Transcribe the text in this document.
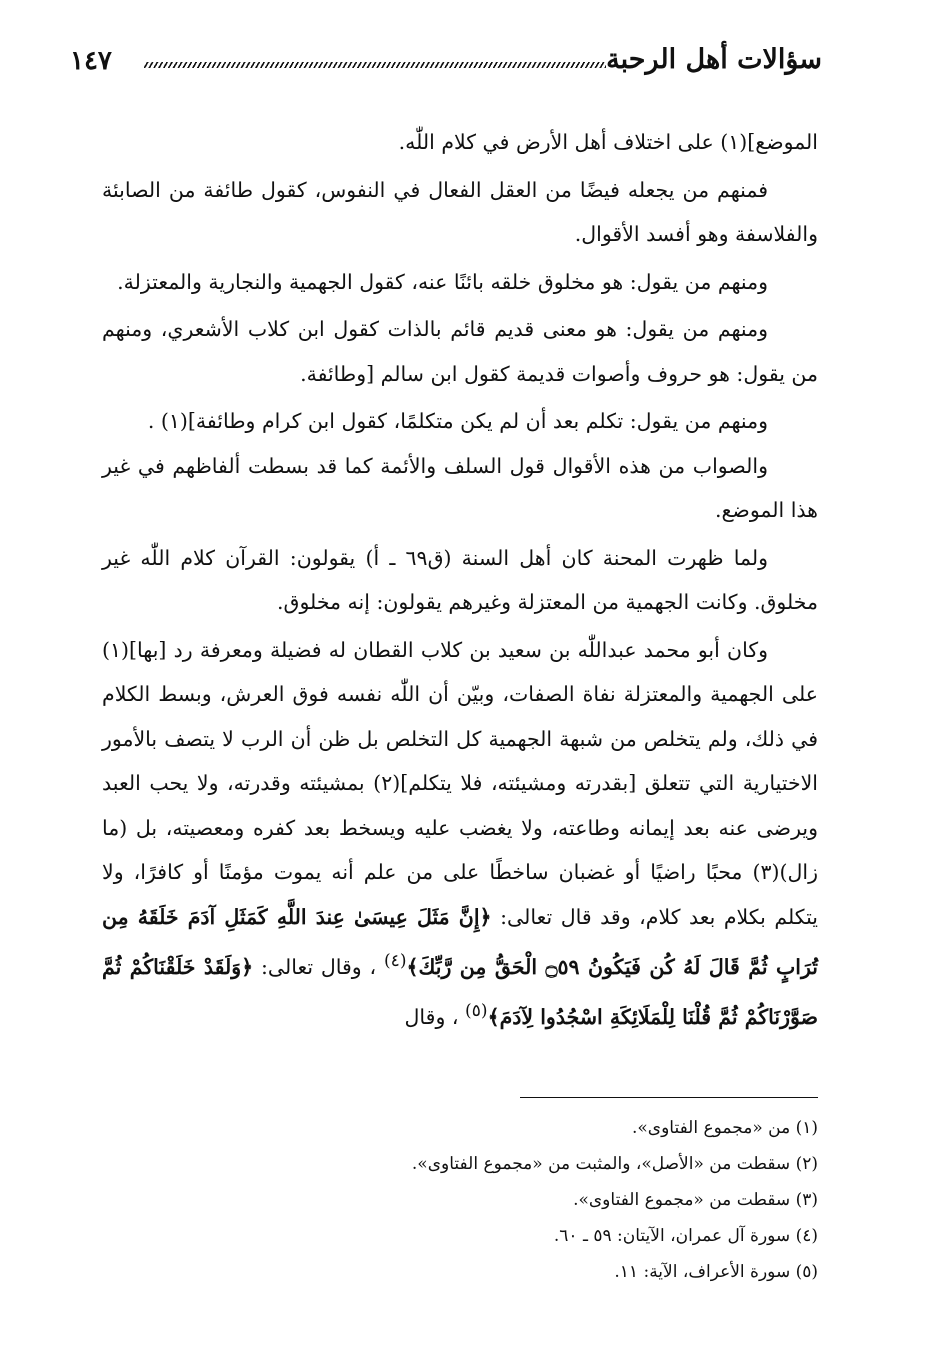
١٤٧	سؤالات أهل الرحبة

الموضع](١) على اختلاف أهل الأرض في كلام اللّٰه.

فمنهم من يجعله فيضًا من العقل الفعال في النفوس، كقول طائفة من الصابئة والفلاسفة وهو أفسد الأقوال.

ومنهم من يقول: هو مخلوق خلقه بائنًا عنه، كقول الجهمية والنجارية والمعتزلة.

ومنهم من يقول: هو معنى قديم قائم بالذات كقول ابن كلاب الأشعري، ومنهم من يقول: هو حروف وأصوات قديمة كقول ابن سالم [وطائفة.

ومنهم من يقول: تكلم بعد أن لم يكن متكلمًا، كقول ابن كرام وطائفة](١) .

والصواب من هذه الأقوال قول السلف والأئمة كما قد بسطت ألفاظهم في غير هذا الموضع.

ولما ظهرت المحنة كان أهل السنة (ق٦٩ ـ أ) يقولون: القرآن كلام اللّٰه غير مخلوق. وكانت الجهمية من المعتزلة وغيرهم يقولون: إنه مخلوق.

وكان أبو محمد عبداللّٰه بن سعيد بن كلاب القطان له فضيلة ومعرفة رد [بها](١) على الجهمية والمعتزلة نفاة الصفات، وبيّن أن اللّٰه نفسه فوق العرش، وبسط الكلام في ذلك، ولم يتخلص من شبهة الجهمية كل التخلص بل ظن أن الرب لا يتصف بالأمور الاختيارية التي تتعلق [بقدرته ومشيئته، فلا يتكلم](٢) بمشيئته وقدرته، ولا يحب العبد ويرضى عنه بعد إيمانه وطاعته، ولا يغضب عليه ويسخط بعد كفره ومعصيته، بل (ما زال)(٣) محبًا راضيًا أو غضبان ساخطًا على من علم أنه يموت مؤمنًا أو كافرًا، ولا يتكلم بكلام بعد كلام، وقد قال تعالى: ﴿إِنَّ مَثَلَ عِيسَىٰ عِندَ اللَّهِ كَمَثَلِ آدَمَ خَلَقَهُ مِن تُرَابٍ ثُمَّ قَالَ لَهُ كُن فَيَكُونُ ۝٥٩ الْحَقُّ مِن رَّبِّكَ﴾$^{(٤)}$ ، وقال تعالى: ﴿وَلَقَدْ خَلَقْنَاكُمْ ثُمَّ صَوَّرْنَاكُمْ ثُمَّ قُلْنَا لِلْمَلَائِكَةِ اسْجُدُوا لِآدَمَ﴾$^{(٥)}$ ، وقال

(١) من «مجموع الفتاوى».

(٢) سقطت من «الأصل»، والمثبت من «مجموع الفتاوى».

(٣) سقطت من «مجموع الفتاوى».

(٤) سورة آل عمران، الآيتان: ٥٩ ـ ٦٠.

(٥) سورة الأعراف، الآية: ١١.
